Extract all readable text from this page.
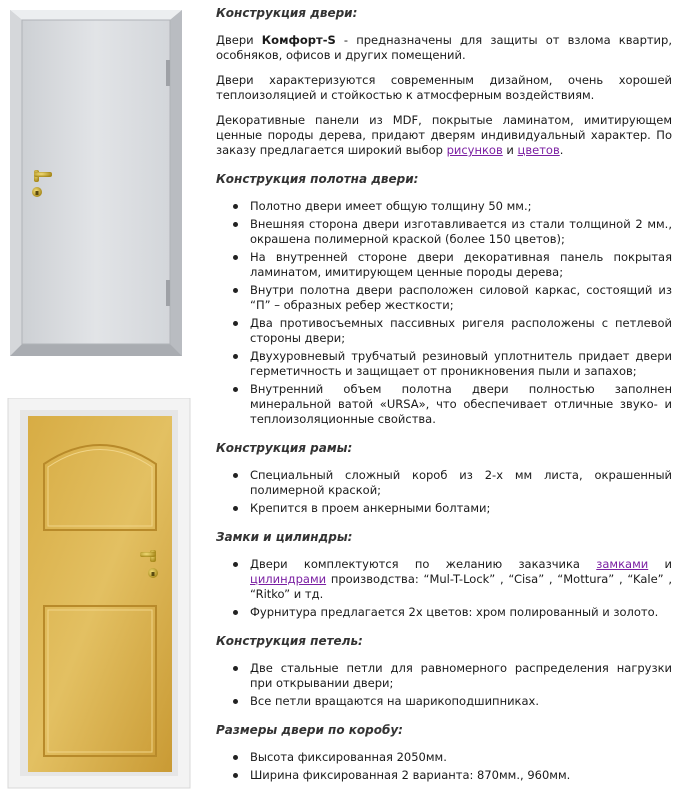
Конструкция двери:

Двери Комфорт-S - предназначены для защиты от взлома квартир, особняков, офисов и других помещений.

Двери характеризуются современным дизайном, очень хорошей теплоизоляцией и стойкостью к атмосферным воздействиям.

Декоративные панели из MDF, покрытые ламинатом, имитирующем ценные породы дерева, придают дверям индивидуальный характер. По заказу предлагается широкий выбор рисунков и цветов.

Конструкция полотна двери:
Полотно двери имеет общую толщину 50 мм.;
Внешняя сторона двери изготавливается из стали толщиной 2 мм., окрашена полимерной краской (более 150 цветов);
На внутренней стороне двери декоративная панель покрытая ламинатом, имитирующем ценные породы дерева;
Внутри полотна двери расположен силовой каркас, состоящий из “П” – образных ребер жесткости;
Два противосъемных пассивных ригеля расположены с петлевой стороны двери;
Двухуровневый трубчатый резиновый уплотнитель придает двери герметичность и защищает от проникновения пыли и запахов;
Внутренний объем полотна двери полностью заполнен минеральной ватой «URSA», что обеспечивает отличные звуко- и теплоизоляционные свойства.
Конструкция рамы:
Специальный сложный короб из 2-х мм листа, окрашенный полимерной краской;
Крепится в проем анкерными болтами;
Замки и цилиндры:
Двери комплектуются по желанию заказчика замками и цилиндрами производства: “Mul-T-Lock” , “Cisa” , “Mottura” , “Kale” , “Ritko” и тд.
Фурнитура предлагается 2х цветов: хром полированный и золото.
Конструкция петель:
Две стальные петли для равномерного распределения нагрузки при открывании двери;
Все петли вращаются на шарикоподшипниках.
Размеры двери по коробу:
Высота фиксированная 2050мм.
Ширина фиксированная 2 варианта: 870мм., 960мм.
